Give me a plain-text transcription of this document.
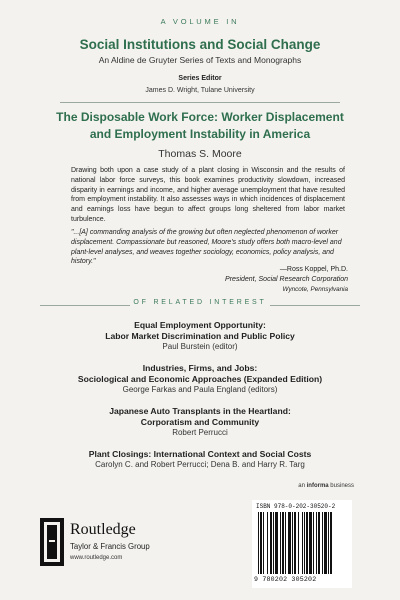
A VOLUME IN
Social Institutions and Social Change
An Aldine de Gruyter Series of Texts and Monographs
Series Editor
James D. Wright, Tulane University
The Disposable Work Force: Worker Displacement
and Employment Instability in America
Thomas S. Moore
Drawing both upon a case study of a plant closing in Wisconsin and the results of national labor force surveys, this book examines productivity slowdown, increased disparity in earnings and income, and higher average unemployment that have resulted from employment instability. It also assesses ways in which incidences of displacement and earnings loss have begun to affect groups long sheltered from labor market turbulence.
"...[A] commanding analysis of the growing but often neglected phenomenon of worker displacement. Compassionate but reasoned, Moore's study offers both macro-level and plant-level analyses, and weaves together sociology, economics, policy analysis, and history."
—Ross Koppel, Ph.D.
President, Social Research Corporation
Wyncote, Pennsylvania
OF RELATED INTEREST
Equal Employment Opportunity:
Labor Market Discrimination and Public Policy
Paul Burstein (editor)
Industries, Firms, and Jobs:
Sociological and Economic Approaches (Expanded Edition)
George Farkas and Paula England (editors)
Japanese Auto Transplants in the Heartland:
Corporatism and Community
Robert Perrucci
Plant Closings: International Context and Social Costs
Carolyn C. and Robert Perrucci; Dena B. and Harry R. Targ
an informa business
ISBN 978-0-202-30520-2
9 780202 305202
Routledge
Taylor & Francis Group
www.routledge.com
